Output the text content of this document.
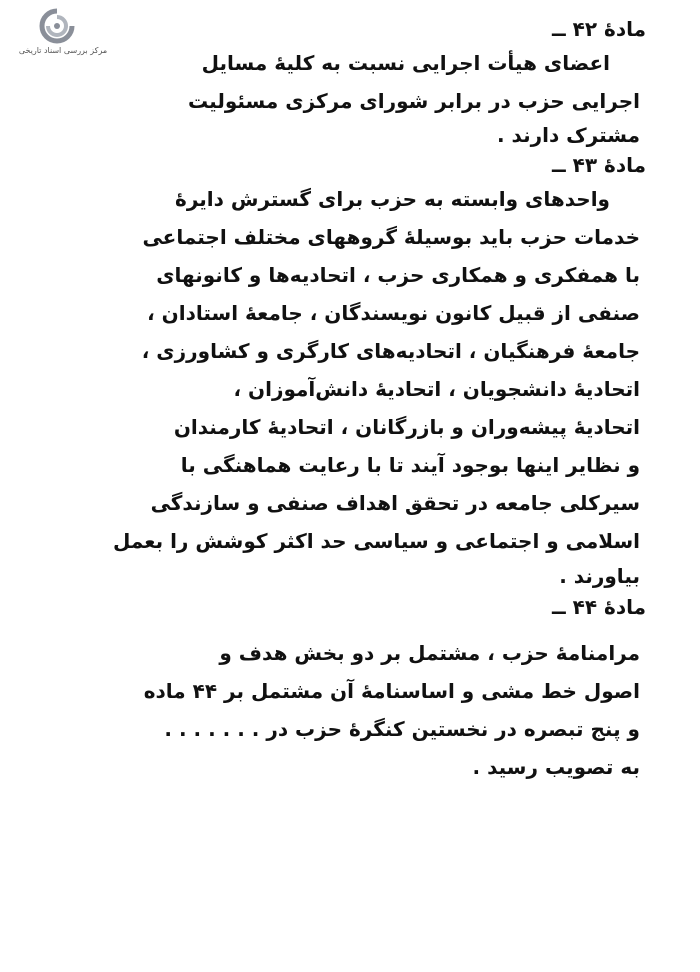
مرکز بررسی اسناد تاریخی
مادهٔ ۴۲ ــ
اعضای هیأت اجرایی نسبت به کلیهٔ مسایل
اجرایی حزب در برابر شورای مرکزی مسئولیت
مشترک دارند .
مادهٔ ۴۳ ــ
واحدهای وابسته به حزب برای گسترش دایرهٔ
خدمات حزب باید بوسیلهٔ گروههای مختلف اجتماعی
با همفکری و همکاری حزب ، اتحادیه‌ها و کانونهای
صنفی از قبیل کانون نویسندگان ، جامعهٔ استادان ،
جامعهٔ فرهنگیان ، اتحادیه‌های کارگری و کشاورزی ،
اتحادیهٔ دانشجویان ، اتحادیهٔ دانش‌آموزان ،
اتحادیهٔ پیشه‌وران و بازرگانان ، اتحادیهٔ کارمندان
و نظایر اینها بوجود آیند تا با رعایت هماهنگی با
سیرکلی جامعه در تحقق اهداف صنفی و سازندگی
اسلامی و اجتماعی و سیاسی حد اکثر کوشش را بعمل
بیاورند .
مادهٔ ۴۴ ــ
مرامنامهٔ حزب ، مشتمل بر دو بخش هدف و
اصول خط مشی و اساسنامهٔ آن مشتمل بر ۴۴ ماده
و پنج تبصره در نخستین کنگرهٔ حزب در . . . . . . .
به تصویب رسید .
